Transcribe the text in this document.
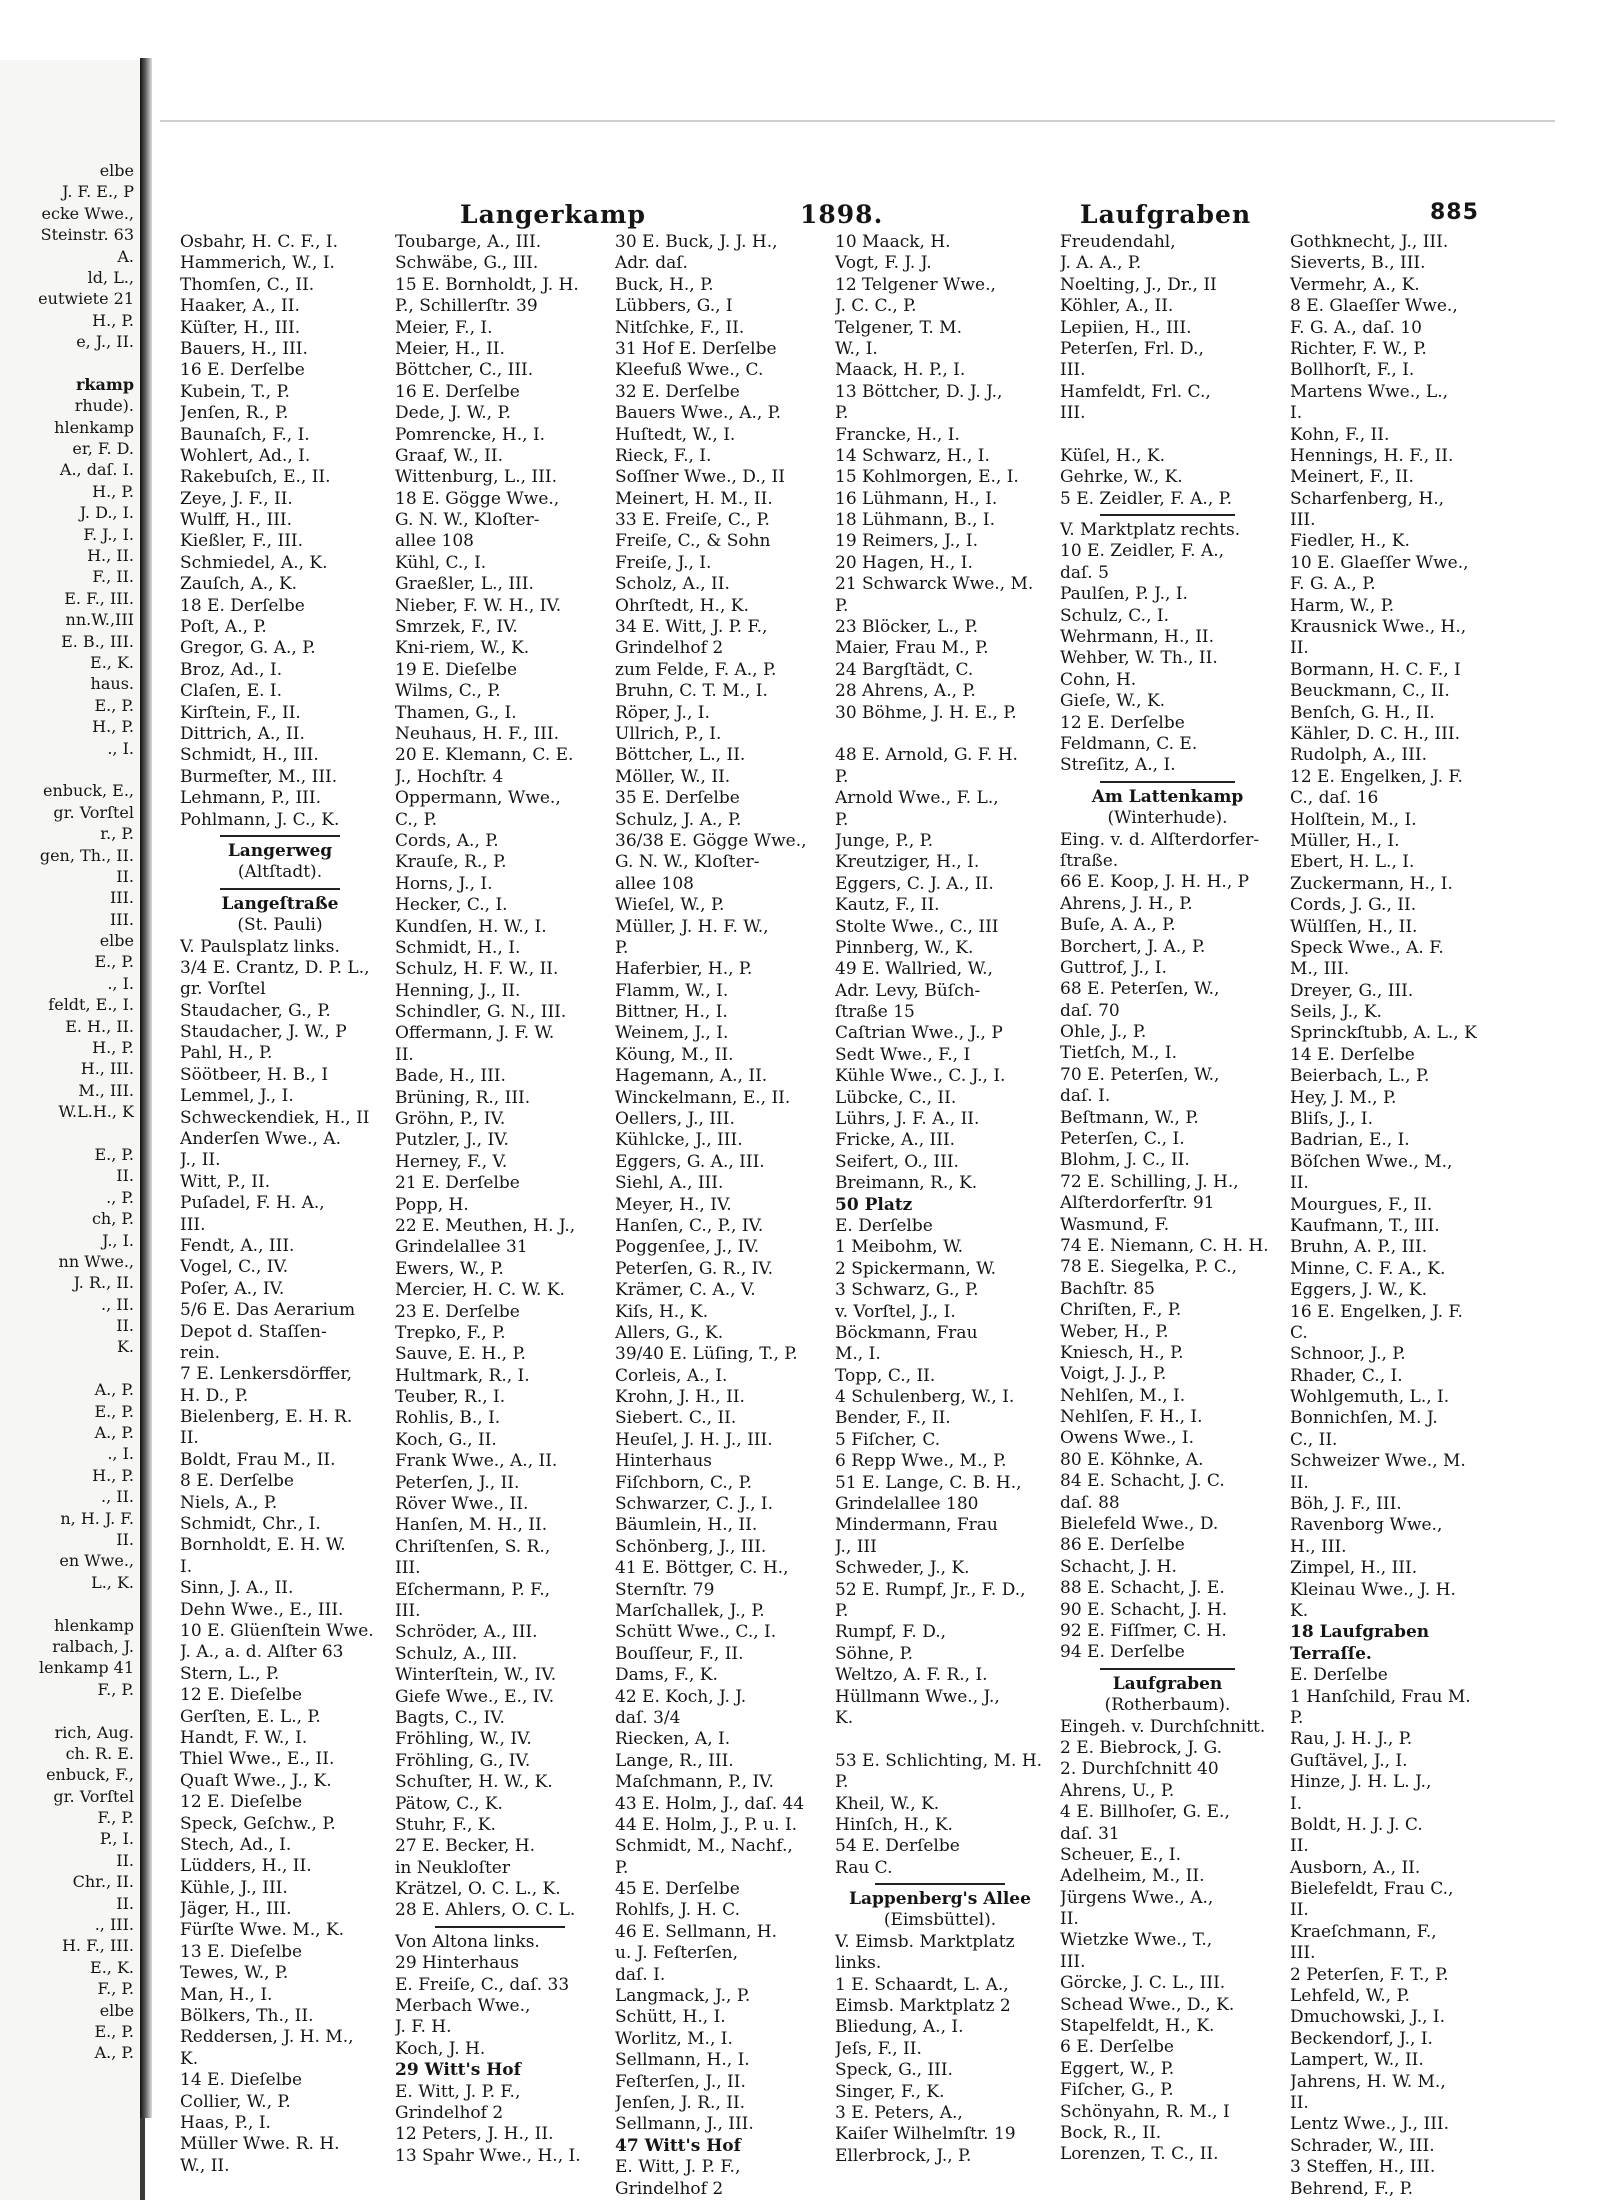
elbe
J. F. E., P
ecke Wwe.,
Steinstr. 63
A.
ld, L.,
eutwiete 21
H., P.
e, J., II.
rkamp
rhude).
hlenkamp
er, F. D.
A., daſ. I.
H., P.
J. D., I.
F. J., I.
H., II.
F., II.
E. F., III.
nn.W.,III
E. B., III.
E., K.
haus.
E., P.
H., P.
., I.
enbuck, E.,
gr. Vorſtel
r., P.
gen, Th., II.
II.
III.
III.
elbe
E., P.
., I.
feldt, E., I.
E. H., II.
H., P.
H., III.
M., III.
W.L.H., K
E., P.
II.
., P.
ch, P.
J., I.
nn Wwe.,
J. R., II.
., II.
II.
K.
A., P.
E., P.
A., P.
., I.
H., P.
., II.
n, H. J. F.
II.
en Wwe.,
L., K.
hlenkamp
ralbach, J.
lenkamp 41
F., P.
rich, Aug.
ch. R. E.
enbuck, F.,
gr. Vorſtel
F., P.
P., I.
II.
Chr., II.
II.
., III.
H. F., III.
E., K.
F., P.
elbe
E., P.
A., P.
Langerkamp	1898.	Laufgraben	885
Osbahr, H. C. F., I.
Hammerich, W., I.
Thomſen, C., II.
Haaker, A., II.
Küſter, H., III.
Bauers, H., III.
16 E. Derſelbe
Kubein, T., P.
Jenſen, R., P.
Baunaſch, F., I.
Wohlert, Ad., I.
Rakebuſch, E., II.
Zeye, J. F., II.
Wulff, H., III.
Kießler, F., III.
Schmiedel, A., K.
Zauſch, A., K.
18 E. Derſelbe
Poſt, A., P.
Gregor, G. A., P.
Broz, Ad., I.
Claſen, E. I.
Kirſtein, F., II.
Dittrich, A., II.
Schmidt, H., III.
Burmeſter, M., III.
Lehmann, P., III.
Pohlmann, J. C., K.
Langerweg
(Altſtadt).
Langeſtraße
(St. Pauli)
V. Paulsplatz links.
3/4 E. Crantz, D. P. L.,
gr. Vorſtel
Staudacher, G., P.
Staudacher, J. W., P
Pahl, H., P.
Söötbeer, H. B., I
Lemmel, J., I.
Schweckendiek, H., II
Anderſen Wwe., A.
J., II.
Witt, P., II.
Puſadel, F. H. A.,
III.
Fendt, A., III.
Vogel, C., IV.
Poſer, A., IV.
5/6 E. Das Aerarium
Depot d. Staſſen-
rein.
7 E. Lenkersdörffer,
H. D., P.
Bielenberg, E. H. R.
II.
Boldt, Frau M., II.
8 E. Derſelbe
Niels, A., P.
Schmidt, Chr., I.
Bornholdt, E. H. W.
I.
Sinn, J. A., II.
Dehn Wwe., E., III.
10 E. Glüenſtein Wwe.
J. A., a. d. Alſter 63
Stern, L., P.
12 E. Dieſelbe
Gerſten, E. L., P.
Handt, F. W., I.
Thiel Wwe., E., II.
Quaſt Wwe., J., K.
12 E. Dieſelbe
Speck, Geſchw., P.
Stech, Ad., I.
Lüdders, H., II.
Kühle, J., III.
Jäger, H., III.
Fürſte Wwe. M., K.
13 E. Dieſelbe
Tewes, W., P.
Man, H., I.
Bölkers, Th., II.
Reddersen, J. H. M.,
K.
14 E. Dieſelbe
Collier, W., P.
Haas, P., I.
Müller Wwe. R. H.
W., II.
Toubarge, A., III.
Schwäbe, G., III.
15 E. Bornholdt, J. H.
P., Schillerſtr. 39
Meier, F., I.
Meier, H., II.
Böttcher, C., III.
16 E. Derſelbe
Dede, J. W., P.
Pomrencke, H., I.
Graaf, W., II.
Wittenburg, L., III.
18 E. Gögge Wwe.,
G. N. W., Kloſter-
allee 108
Kühl, C., I.
Graeßler, L., III.
Nieber, F. W. H., IV.
Smrzek, F., IV.
Kni-riem, W., K.
19 E. Dieſelbe
Wilms, C., P.
Thamen, G., I.
Neuhaus, H. F., III.
20 E. Klemann, C. E.
J., Hochſtr. 4
Oppermann, Wwe.,
C., P.
Cords, A., P.
Krauſe, R., P.
Horns, J., I.
Hecker, C., I.
Kundſen, H. W., I.
Schmidt, H., I.
Schulz, H. F. W., II.
Henning, J., II.
Schindler, G. N., III.
Offermann, J. F. W.
II.
Bade, H., III.
Brüning, R., III.
Gröhn, P., IV.
Putzler, J., IV.
Herney, F., V.
21 E. Derſelbe
Popp, H.
22 E. Meuthen, H. J.,
Grindelallee 31
Ewers, W., P.
Mercier, H. C. W. K.
23 E. Derſelbe
Trepko, F., P.
Sauve, E. H., P.
Hultmark, R., I.
Teuber, R., I.
Rohlis, B., I.
Koch, G., II.
Frank Wwe., A., II.
Peterſen, J., II.
Röver Wwe., II.
Hanſen, M. H., II.
Chriſtenſen, S. R.,
III.
Eſchermann, P. F.,
III.
Schröder, A., III.
Schulz, A., III.
Winterſtein, W., IV.
Giefe Wwe., E., IV.
Bagts, C., IV.
Fröhling, W., IV.
Fröhling, G., IV.
Schuſter, H. W., K.
Pätow, C., K.
Stuhr, F., K.
27 E. Becker, H.
in Neukloſter
Krätzel, O. C. L., K.
28 E. Ahlers, O. C. L.
Von Altona links.
29 Hinterhaus
E. Freiſe, C., daſ. 33
Merbach Wwe.,
J. F. H.
Koch, J. H.
29 Witt's Hof
E. Witt, J. P. F.,
Grindelhof 2
12 Peters, J. H., II.
13 Spahr Wwe., H., I.
30 E. Buck, J. J. H.,
Adr. daſ.
Buck, H., P.
Lübbers, G., I
Nitſchke, F., II.
31 Hof E. Derſelbe
Kleefuß Wwe., C.
32 E. Derſelbe
Bauers Wwe., A., P.
Huſtedt, W., I.
Rieck, F., I.
Soſſner Wwe., D., II
Meinert, H. M., II.
33 E. Freiſe, C., P.
Freiſe, C., & Sohn
Freiſe, J., I.
Scholz, A., II.
Ohrſtedt, H., K.
34 E. Witt, J. P. F.,
Grindelhof 2
zum Felde, F. A., P.
Bruhn, C. T. M., I.
Röper, J., I.
Ullrich, P., I.
Böttcher, L., II.
Möller, W., II.
35 E. Derſelbe
Schulz, J. A., P.
36/38 E. Gögge Wwe.,
G. N. W., Kloſter-
allee 108
Wieſel, W., P.
Müller, J. H. F. W.,
P.
Haferbier, H., P.
Flamm, W., I.
Bittner, H., I.
Weinem, J., I.
Köung, M., II.
Hagemann, A., II.
Winckelmann, E., II.
Oellers, J., III.
Kühlcke, J., III.
Eggers, G. A., III.
Siehl, A., III.
Meyer, H., IV.
Hanſen, C., P., IV.
Poggenſee, J., IV.
Peterſen, G. R., IV.
Krämer, C. A., V.
Kiſs, H., K.
Allers, G., K.
39/40 E. Lüſing, T., P.
Corleis, A., I.
Krohn, J. H., II.
Siebert. C., II.
Heuſel, J. H. J., III.
Hinterhaus
Fiſchborn, C., P.
Schwarzer, C. J., I.
Bäumlein, H., II.
Schönberg, J., III.
41 E. Böttger, C. H.,
Sternſtr. 79
Marſchallek, J., P.
Schütt Wwe., C., I.
Bouſſeur, F., II.
Dams, F., K.
42 E. Koch, J. J.
daſ. 3/4
Riecken, A, I.
Lange, R., III.
Maſchmann, P., IV.
43 E. Holm, J., daſ. 44
44 E. Holm, J., P. u. I.
Schmidt, M., Nachf.,
P.
45 E. Derſelbe
Rohlfs, J. H. C.
46 E. Sellmann, H.
u. J. Feſterſen,
daſ. I.
Langmack, J., P.
Schütt, H., I.
Worlitz, M., I.
Sellmann, H., I.
Feſterſen, J., II.
Jenſen, J. R., II.
Sellmann, J., III.
47 Witt's Hof
E. Witt, J. P. F.,
Grindelhof 2
10 Maack, H.
Vogt, F. J. J.
12 Telgener Wwe.,
J. C. C., P.
Telgener, T. M.
W., I.
Maack, H. P., I.
13 Böttcher, D. J. J.,
P.
Francke, H., I.
14 Schwarz, H., I.
15 Kohlmorgen, E., I.
16 Lühmann, H., I.
18 Lühmann, B., I.
19 Reimers, J., I.
20 Hagen, H., I.
21 Schwarck Wwe., M.
P.
23 Blöcker, L., P.
Maier, Frau M., P.
24 Bargſtädt, C.
28 Ahrens, A., P.
30 Böhme, J. H. E., P.
48 E. Arnold, G. F. H.
P.
Arnold Wwe., F. L.,
P.
Junge, P., P.
Kreutziger, H., I.
Eggers, C. J. A., II.
Kautz, F., II.
Stolte Wwe., C., III
Pinnberg, W., K.
49 E. Wallried, W.,
Adr. Levy, Büſch-
ſtraße 15
Caſtrian Wwe., J., P
Sedt Wwe., F., I
Kühle Wwe., C. J., I.
Lübcke, C., II.
Lührs, J. F. A., II.
Fricke, A., III.
Seifert, O., III.
Breimann, R., K.
50 Platz
E. Derſelbe
1 Meibohm, W.
2 Spickermann, W.
3 Schwarz, G., P.
v. Vorſtel, J., I.
Böckmann, Frau
M., I.
Topp, C., II.
4 Schulenberg, W., I.
Bender, F., II.
5 Fiſcher, C.
6 Repp Wwe., M., P.
51 E. Lange, C. B. H.,
Grindelallee 180
Mindermann, Frau
J., III
Schweder, J., K.
52 E. Rumpf, Jr., F. D.,
P.
Rumpf, F. D.,
Söhne, P.
Weltzo, A. F. R., I.
Hüllmann Wwe., J.,
K.
53 E. Schlichting, M. H.
P.
Kheil, W., K.
Hinſch, H., K.
54 E. Derſelbe
Rau C.
Lappenberg's Allee
(Eimsbüttel).
V. Eimsb. Marktplatz
links.
1 E. Schaardt, L. A.,
Eimsb. Marktplatz 2
Bliedung, A., I.
Jeſs, F., II.
Speck, G., III.
Singer, F., K.
3 E. Peters, A.,
Kaiſer Wilhelmſtr. 19
Ellerbrock, J., P.
Freudendahl,
J. A. A., P.
Noelting, J., Dr., II
Köhler, A., II.
Lepiien, H., III.
Peterſen, Frl. D.,
III.
Hamfeldt, Frl. C.,
III.
Küſel, H., K.
Gehrke, W., K.
5 E. Zeidler, F. A., P.
V. Marktplatz rechts.
10 E. Zeidler, F. A.,
daſ. 5
Paulſen, P. J., I.
Schulz, C., I.
Wehrmann, H., II.
Wehber, W. Th., II.
Cohn, H.
Gieſe, W., K.
12 E. Derſelbe
Feldmann, C. E.
Streſitz, A., I.
Am Lattenkamp
(Winterhude).
Eing. v. d. Alſterdorfer-
ſtraße.
66 E. Koop, J. H. H., P
Ahrens, J. H., P.
Buſe, A. A., P.
Borchert, J. A., P.
Guttrof, J., I.
68 E. Peterſen, W.,
daſ. 70
Ohle, J., P.
Tietſch, M., I.
70 E. Peterſen, W.,
daſ. I.
Beſtmann, W., P.
Peterſen, C., I.
Blohm, J. C., II.
72 E. Schilling, J. H.,
Alſterdorferſtr. 91
Wasmund, F.
74 E. Niemann, C. H. H.
78 E. Siegelka, P. C.,
Bachſtr. 85
Chriſten, F., P.
Weber, H., P.
Kniesch, H., P.
Voigt, J. J., P.
Nehlſen, M., I.
Nehlſen, F. H., I.
Owens Wwe., I.
80 E. Köhnke, A.
84 E. Schacht, J. C.
daſ. 88
Bielefeld Wwe., D.
86 E. Derſelbe
Schacht, J. H.
88 E. Schacht, J. E.
90 E. Schacht, J. H.
92 E. Fiſſmer, C. H.
94 E. Derſelbe
Laufgraben
(Rotherbaum).
Eingeh. v. Durchſchnitt.
2 E. Biebrock, J. G.
2. Durchſchnitt 40
Ahrens, U., P.
4 E. Billhoſer, G. E.,
daſ. 31
Scheuer, E., I.
Adelheim, M., II.
Jürgens Wwe., A.,
II.
Wietzke Wwe., T.,
III.
Görcke, J. C. L., III.
Schead Wwe., D., K.
Stapelfeldt, H., K.
6 E. Derſelbe
Eggert, W., P.
Fiſcher, G., P.
Schönyahn, R. M., I
Bock, R., II.
Lorenzen, T. C., II.
Gothknecht, J., III.
Sieverts, B., III.
Vermehr, A., K.
8 E. Glaeſſer Wwe.,
F. G. A., daſ. 10
Richter, F. W., P.
Bollhorſt, F., I.
Martens Wwe., L.,
I.
Kohn, F., II.
Hennings, H. F., II.
Meinert, F., II.
Scharfenberg, H.,
III.
Fiedler, H., K.
10 E. Glaeſſer Wwe.,
F. G. A., P.
Harm, W., P.
Krausnick Wwe., H.,
II.
Bormann, H. C. F., I
Beuckmann, C., II.
Benſch, G. H., II.
Kähler, D. C. H., III.
Rudolph, A., III.
12 E. Engelken, J. F.
C., daſ. 16
Holſtein, M., I.
Müller, H., I.
Ebert, H. L., I.
Zuckermann, H., I.
Cords, J. G., II.
Wülſſen, H., II.
Speck Wwe., A. F.
M., III.
Dreyer, G., III.
Seils, J., K.
Sprinckſtubb, A. L., K
14 E. Derſelbe
Beierbach, L., P.
Hey, J. M., P.
Bliſs, J., I.
Badrian, E., I.
Böſchen Wwe., M.,
II.
Mourgues, F., II.
Kaufmann, T., III.
Bruhn, A. P., III.
Minne, C. F. A., K.
Eggers, J. W., K.
16 E. Engelken, J. F.
C.
Schnoor, J., P.
Rhader, C., I.
Wohlgemuth, L., I.
Bonnichſen, M. J.
C., II.
Schweizer Wwe., M.
II.
Böh, J. F., III.
Ravenborg Wwe.,
H., III.
Zimpel, H., III.
Kleinau Wwe., J. H.
K.
18 Laufgraben
Terraſſe.
E. Derſelbe
1 Hanſchild, Frau M.
P.
Rau, J. H. J., P.
Guſtävel, J., I.
Hinze, J. H. L. J.,
I.
Boldt, H. J. J. C.
II.
Ausborn, A., II.
Bielefeldt, Frau C.,
II.
Kraeſchmann, F.,
III.
2 Peterſen, F. T., P.
Lehfeld, W., P.
Dmuchowski, J., I.
Beckendorf, J., I.
Lampert, W., II.
Jahrens, H. W. M.,
II.
Lentz Wwe., J., III.
Schrader, W., III.
3 Steffen, H., III.
Behrend, F., P.
